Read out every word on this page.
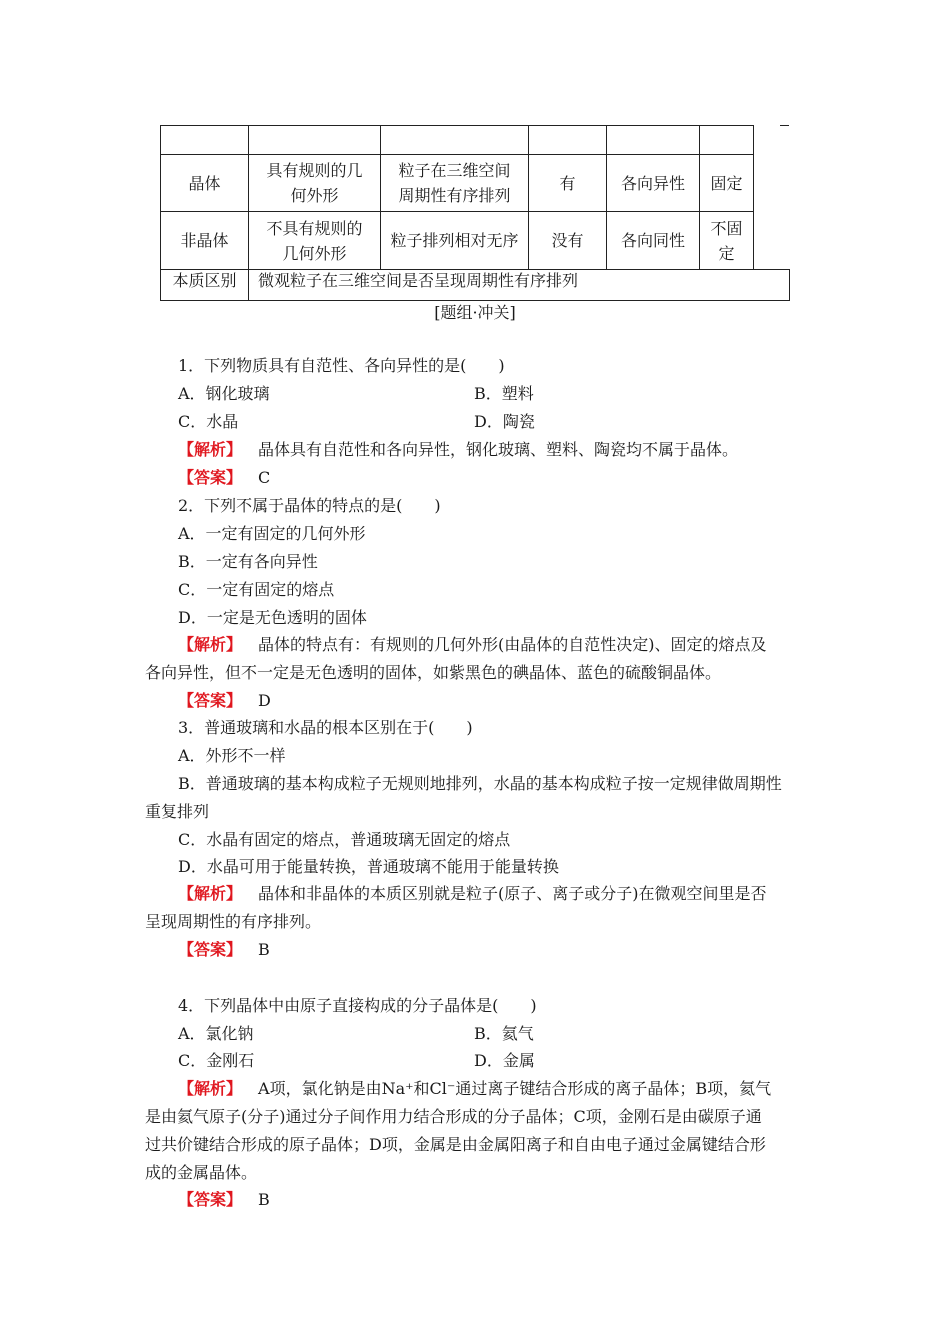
晶体	具有规则的几何外形	粒子在三维空间周期性有序排列	有	各向异性	固定
非晶体	不具有规则的几何外形	粒子排列相对无序	没有	各向同性	不固定
本质区别	微观粒子在三维空间是否呈现周期性有序排列
[题组·冲关]
1．下列物质具有自范性、各向异性的是(　　)
A．钢化玻璃	B．塑料
C．水晶	D．陶瓷
【解析】 晶体具有自范性和各向异性，钢化玻璃、塑料、陶瓷均不属于晶体。
【答案】 C
2．下列不属于晶体的特点的是(　　)
A．一定有固定的几何外形
B．一定有各向异性
C．一定有固定的熔点
D．一定是无色透明的固体
【解析】 晶体的特点有：有规则的几何外形(由晶体的自范性决定)、固定的熔点及
各向异性，但不一定是无色透明的固体，如紫黑色的碘晶体、蓝色的硫酸铜晶体。
【答案】 D
3．普通玻璃和水晶的根本区别在于(　　)
A．外形不一样
B．普通玻璃的基本构成粒子无规则地排列，水晶的基本构成粒子按一定规律做周期性
重复排列
C．水晶有固定的熔点，普通玻璃无固定的熔点
D．水晶可用于能量转换，普通玻璃不能用于能量转换
【解析】 晶体和非晶体的本质区别就是粒子(原子、离子或分子)在微观空间里是否
呈现周期性的有序排列。
【答案】 B
4．下列晶体中由原子直接构成的分子晶体是(　　)
A．氯化钠	B．氦气
C．金刚石	D．金属
【解析】 A项，氯化钠是由Na⁺和Cl⁻通过离子键结合形成的离子晶体；B项，氦气
是由氦气原子(分子)通过分子间作用力结合形成的分子晶体；C项，金刚石是由碳原子通
过共价键结合形成的原子晶体；D项，金属是由金属阳离子和自由电子通过金属键结合形
成的金属晶体。
【答案】 B
